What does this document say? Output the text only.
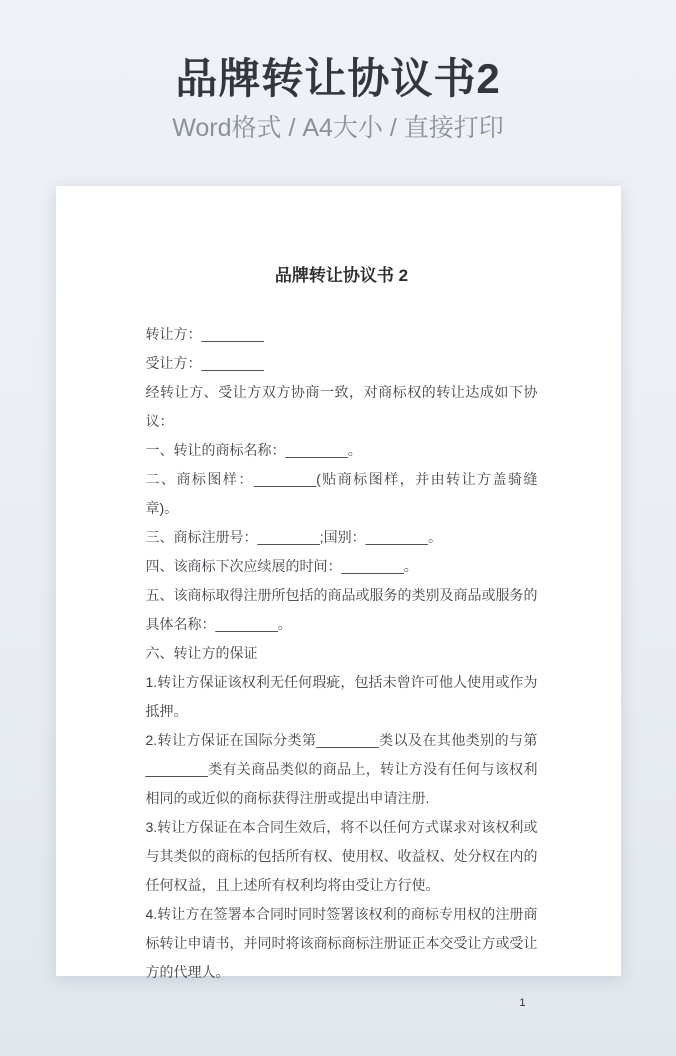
品牌转让协议书2
Word格式 / A4大小 / 直接打印
品牌转让协议书 2

转让方：________

受让方：________

经转让方、受让方双方协商一致，对商标权的转让达成如下协议：

一、转让的商标名称：________。

二、商标图样：________(贴商标图样，并由转让方盖骑缝章)。

三、商标注册号：________;国别：________。

四、该商标下次应续展的时间：________。

五、该商标取得注册所包括的商品或服务的类别及商品或服务的具体名称：________。

六、转让方的保证

1.转让方保证该权利无任何瑕疵，包括未曾许可他人使用或作为抵押。

2.转让方保证在国际分类第________类以及在其他类别的与第________类有关商品类似的商品上，转让方没有任何与该权利相同的或近似的商标获得注册或提出申请注册.

3.转让方保证在本合同生效后，将不以任何方式谋求对该权利或与其类似的商标的包括所有权、使用权、收益权、处分权在内的任何权益，且上述所有权利均将由受让方行使。

4.转让方在签署本合同时同时签署该权利的商标专用权的注册商标转让申请书，并同时将该商标商标注册证正本交受让方或受让方的代理人。

1
